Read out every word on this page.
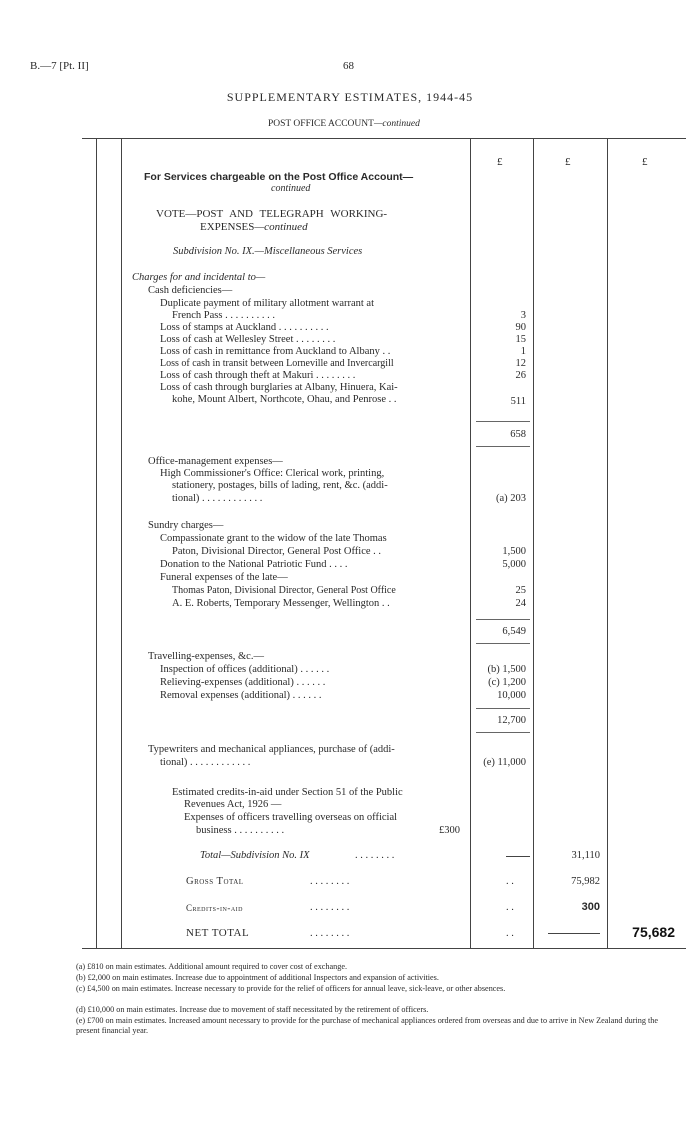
B.—7 [Pt. II]	68
SUPPLEMENTARY ESTIMATES, 1944-45
POST OFFICE ACCOUNT—continued
£	£	£
For Services chargeable on the Post Office Account—
continued
VOTE—POST AND TELEGRAPH WORKING-
EXPENSES—continued
Subdivision No. IX.—Miscellaneous Services
Charges for and incidental to—
Cash deficiencies—
Duplicate payment of military allotment warrant at
French Pass . . . . . . . . . .	3
Loss of stamps at Auckland . . . . . . . . . .	90
Loss of cash at Wellesley Street . . . . . . . .	15
Loss of cash in remittance from Auckland to Albany . .	1
Loss of cash in transit between Lorneville and Invercargill	12
Loss of cash through theft at Makuri . . . . . . . .	26
Loss of cash through burglaries at Albany, Hinuera, Kai-
kohe, Mount Albert, Northcote, Ohau, and Penrose . .	511
658
Office-management expenses—
High Commissioner's Office: Clerical work, printing,
stationery, postages, bills of lading, rent, &c. (addi-
tional) . . . . . . . . . . . .	(a) 203
Sundry charges—
Compassionate grant to the widow of the late Thomas
Paton, Divisional Director, General Post Office . .	1,500
Donation to the National Patriotic Fund . . . .	5,000
Funeral expenses of the late—
Thomas Paton, Divisional Director, General Post Office	25
A. E. Roberts, Temporary Messenger, Wellington . .	24
6,549
Travelling-expenses, &c.—
Inspection of offices (additional) . . . . . .	(b) 1,500
Relieving-expenses (additional) . . . . . .	(c) 1,200
Removal expenses (additional) . . . . . .	10,000
12,700
Typewriters and mechanical appliances, purchase of (addi-
tional) . . . . . . . . . . . .	(e) 11,000
Estimated credits-in-aid under Section 51 of the Public
Revenues Act, 1926 —
Expenses of officers travelling overseas on official
business . . . . . . . . . .	£300
Total—Subdivision No. IX	. . . . . . . .	31,110
Gross Total	. . . . . . . .	. .	75,982
Credits-in-aid	. . . . . . . .	. .	300
NET TOTAL	. . . . . . . .	. .	75,682
(a) £810 on main estimates. Additional amount required to cover cost of exchange.
(b) £2,000 on main estimates. Increase due to appointment of additional Inspectors and expansion of activities.
(c) £4,500 on main estimates. Increase necessary to provide for the relief of officers for annual leave, sick-leave, or other absences.
(d) £10,000 on main estimates. Increase due to movement of staff necessitated by the retirement of officers.
(e) £700 on main estimates. Increased amount necessary to provide for the purchase of mechanical appliances ordered from overseas and due to arrive in New Zealand during the present financial year.
